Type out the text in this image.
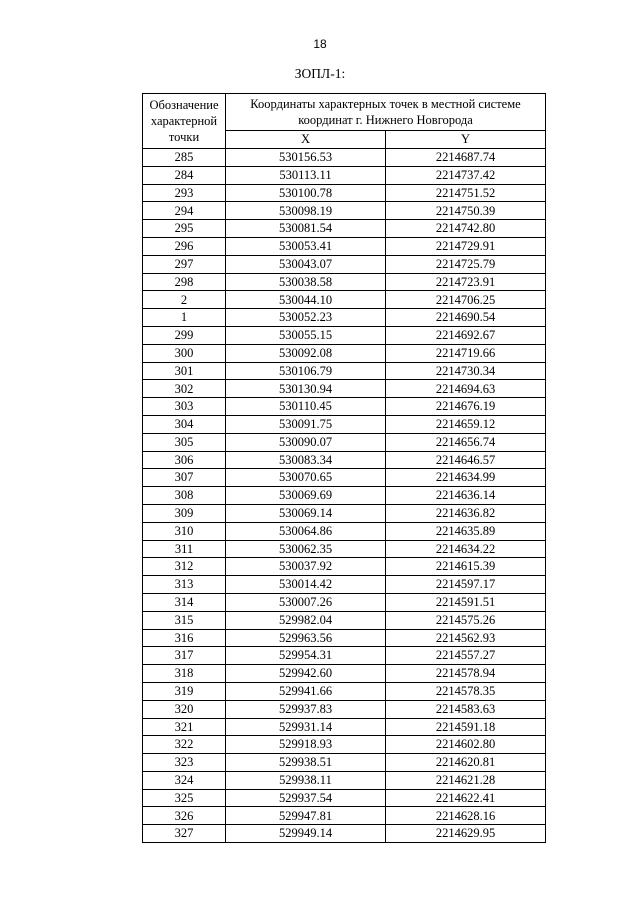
18
ЗОПЛ-1:
Обозначение характерной точки	Координаты характерных точек в местной системе координат г. Нижнего Новгорода	
	X	Y
285	530156.53	2214687.74
284	530113.11	2214737.42
293	530100.78	2214751.52
294	530098.19	2214750.39
295	530081.54	2214742.80
296	530053.41	2214729.91
297	530043.07	2214725.79
298	530038.58	2214723.91
2	530044.10	2214706.25
1	530052.23	2214690.54
299	530055.15	2214692.67
300	530092.08	2214719.66
301	530106.79	2214730.34
302	530130.94	2214694.63
303	530110.45	2214676.19
304	530091.75	2214659.12
305	530090.07	2214656.74
306	530083.34	2214646.57
307	530070.65	2214634.99
308	530069.69	2214636.14
309	530069.14	2214636.82
310	530064.86	2214635.89
311	530062.35	2214634.22
312	530037.92	2214615.39
313	530014.42	2214597.17
314	530007.26	2214591.51
315	529982.04	2214575.26
316	529963.56	2214562.93
317	529954.31	2214557.27
318	529942.60	2214578.94
319	529941.66	2214578.35
320	529937.83	2214583.63
321	529931.14	2214591.18
322	529918.93	2214602.80
323	529938.51	2214620.81
324	529938.11	2214621.28
325	529937.54	2214622.41
326	529947.81	2214628.16
327	529949.14	2214629.95
